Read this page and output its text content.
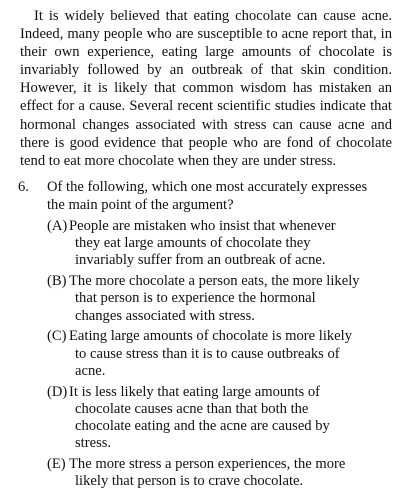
It is widely believed that eating chocolate can cause acne. Indeed, many people who are susceptible to acne report that, in their own experience, eating large amounts of chocolate is invariably followed by an outbreak of that skin condition. However, it is likely that common wisdom has mistaken an effect for a cause. Several recent scientific studies indicate that hormonal changes associated with stress can cause acne and there is good evidence that people who are fond of chocolate tend to eat more chocolate when they are under stress.

6.	Of the following, which one most accurately expresses the main point of the argument?
(A) People are mistaken who insist that whenever they eat large amounts of chocolate they invariably suffer from an outbreak of acne.
(B) The more chocolate a person eats, the more likely that person is to experience the hormonal changes associated with stress.
(C) Eating large amounts of chocolate is more likely to cause stress than it is to cause outbreaks of acne.
(D) It is less likely that eating large amounts of chocolate causes acne than that both the chocolate eating and the acne are caused by stress.
(E) The more stress a person experiences, the more likely that person is to crave chocolate.
